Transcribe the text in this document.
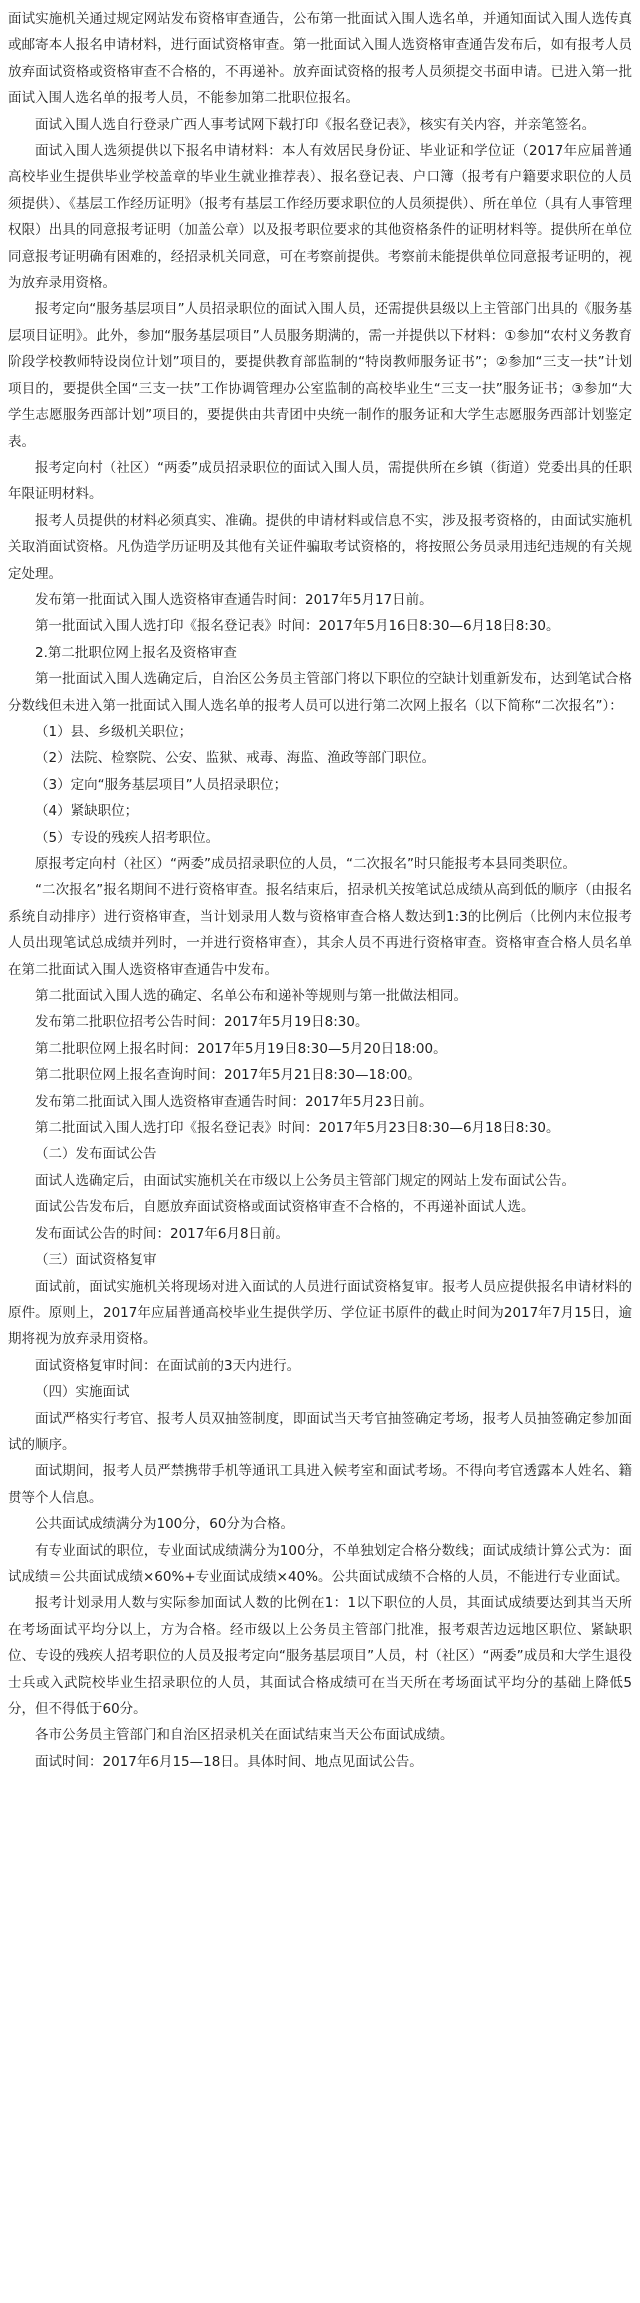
面试实施机关通过规定网站发布资格审查通告，公布第一批面试入围人选名单，并通知面试入围人选传真或邮寄本人报名申请材料，进行面试资格审查。第一批面试入围人选资格审查通告发布后，如有报考人员放弃面试资格或资格审查不合格的，不再递补。放弃面试资格的报考人员须提交书面申请。已进入第一批面试入围人选名单的报考人员，不能参加第二批职位报名。

面试入围人选自行登录广西人事考试网下载打印《报名登记表》，核实有关内容，并亲笔签名。

面试入围人选须提供以下报名申请材料：本人有效居民身份证、毕业证和学位证（2017年应届普通高校毕业生提供毕业学校盖章的毕业生就业推荐表）、报名登记表、户口簿（报考有户籍要求职位的人员须提供）、《基层工作经历证明》（报考有基层工作经历要求职位的人员须提供）、所在单位（具有人事管理权限）出具的同意报考证明（加盖公章）以及报考职位要求的其他资格条件的证明材料等。提供所在单位同意报考证明确有困难的，经招录机关同意，可在考察前提供。考察前未能提供单位同意报考证明的，视为放弃录用资格。

报考定向“服务基层项目”人员招录职位的面试入围人员，还需提供县级以上主管部门出具的《服务基层项目证明》。此外，参加“服务基层项目”人员服务期满的，需一并提供以下材料：①参加“农村义务教育阶段学校教师特设岗位计划”项目的，要提供教育部监制的“特岗教师服务证书”；②参加“三支一扶”计划项目的，要提供全国“三支一扶”工作协调管理办公室监制的高校毕业生“三支一扶”服务证书；③参加“大学生志愿服务西部计划”项目的，要提供由共青团中央统一制作的服务证和大学生志愿服务西部计划鉴定表。

报考定向村（社区）“两委”成员招录职位的面试入围人员，需提供所在乡镇（街道）党委出具的任职年限证明材料。

报考人员提供的材料必须真实、准确。提供的申请材料或信息不实，涉及报考资格的，由面试实施机关取消面试资格。凡伪造学历证明及其他有关证件骗取考试资格的，将按照公务员录用违纪违规的有关规定处理。

发布第一批面试入围人选资格审查通告时间：2017年5月17日前。

第一批面试入围人选打印《报名登记表》时间：2017年5月16日8:30—6月18日8:30。

2.第二批职位网上报名及资格审查

第一批面试入围人选确定后，自治区公务员主管部门将以下职位的空缺计划重新发布，达到笔试合格分数线但未进入第一批面试入围人选名单的报考人员可以进行第二次网上报名（以下简称“二次报名”）：

（1）县、乡级机关职位；

（2）法院、检察院、公安、监狱、戒毒、海监、渔政等部门职位。

（3）定向“服务基层项目”人员招录职位；

（4）紧缺职位；

（5）专设的残疾人招考职位。

原报考定向村（社区）“两委”成员招录职位的人员，“二次报名”时只能报考本县同类职位。

“二次报名”报名期间不进行资格审查。报名结束后，招录机关按笔试总成绩从高到低的顺序（由报名系统自动排序）进行资格审查，当计划录用人数与资格审查合格人数达到1:3的比例后（比例内末位报考人员出现笔试总成绩并列时，一并进行资格审查），其余人员不再进行资格审查。资格审查合格人员名单在第二批面试入围人选资格审查通告中发布。

第二批面试入围人选的确定、名单公布和递补等规则与第一批做法相同。

发布第二批职位招考公告时间：2017年5月19日8:30。

第二批职位网上报名时间：2017年5月19日8:30—5月20日18:00。

第二批职位网上报名查询时间：2017年5月21日8:30—18:00。

发布第二批面试入围人选资格审查通告时间：2017年5月23日前。

第二批面试入围人选打印《报名登记表》时间：2017年5月23日8:30—6月18日8:30。

（二）发布面试公告

面试人选确定后，由面试实施机关在市级以上公务员主管部门规定的网站上发布面试公告。

面试公告发布后，自愿放弃面试资格或面试资格审查不合格的，不再递补面试人选。

发布面试公告的时间：2017年6月8日前。

（三）面试资格复审

面试前，面试实施机关将现场对进入面试的人员进行面试资格复审。报考人员应提供报名申请材料的原件。原则上，2017年应届普通高校毕业生提供学历、学位证书原件的截止时间为2017年7月15日，逾期将视为放弃录用资格。

面试资格复审时间：在面试前的3天内进行。

（四）实施面试

面试严格实行考官、报考人员双抽签制度，即面试当天考官抽签确定考场，报考人员抽签确定参加面试的顺序。

面试期间，报考人员严禁携带手机等通讯工具进入候考室和面试考场。不得向考官透露本人姓名、籍贯等个人信息。

公共面试成绩满分为100分，60分为合格。

有专业面试的职位，专业面试成绩满分为100分，不单独划定合格分数线；面试成绩计算公式为：面试成绩＝公共面试成绩×60%+专业面试成绩×40%。公共面试成绩不合格的人员，不能进行专业面试。

报考计划录用人数与实际参加面试人数的比例在1：1以下职位的人员，其面试成绩要达到其当天所在考场面试平均分以上，方为合格。经市级以上公务员主管部门批准，报考艰苦边远地区职位、紧缺职位、专设的残疾人招考职位的人员及报考定向“服务基层项目”人员，村（社区）“两委”成员和大学生退役士兵或入武院校毕业生招录职位的人员，其面试合格成绩可在当天所在考场面试平均分的基础上降低5分，但不得低于60分。

各市公务员主管部门和自治区招录机关在面试结束当天公布面试成绩。

面试时间：2017年6月15—18日。具体时间、地点见面试公告。
